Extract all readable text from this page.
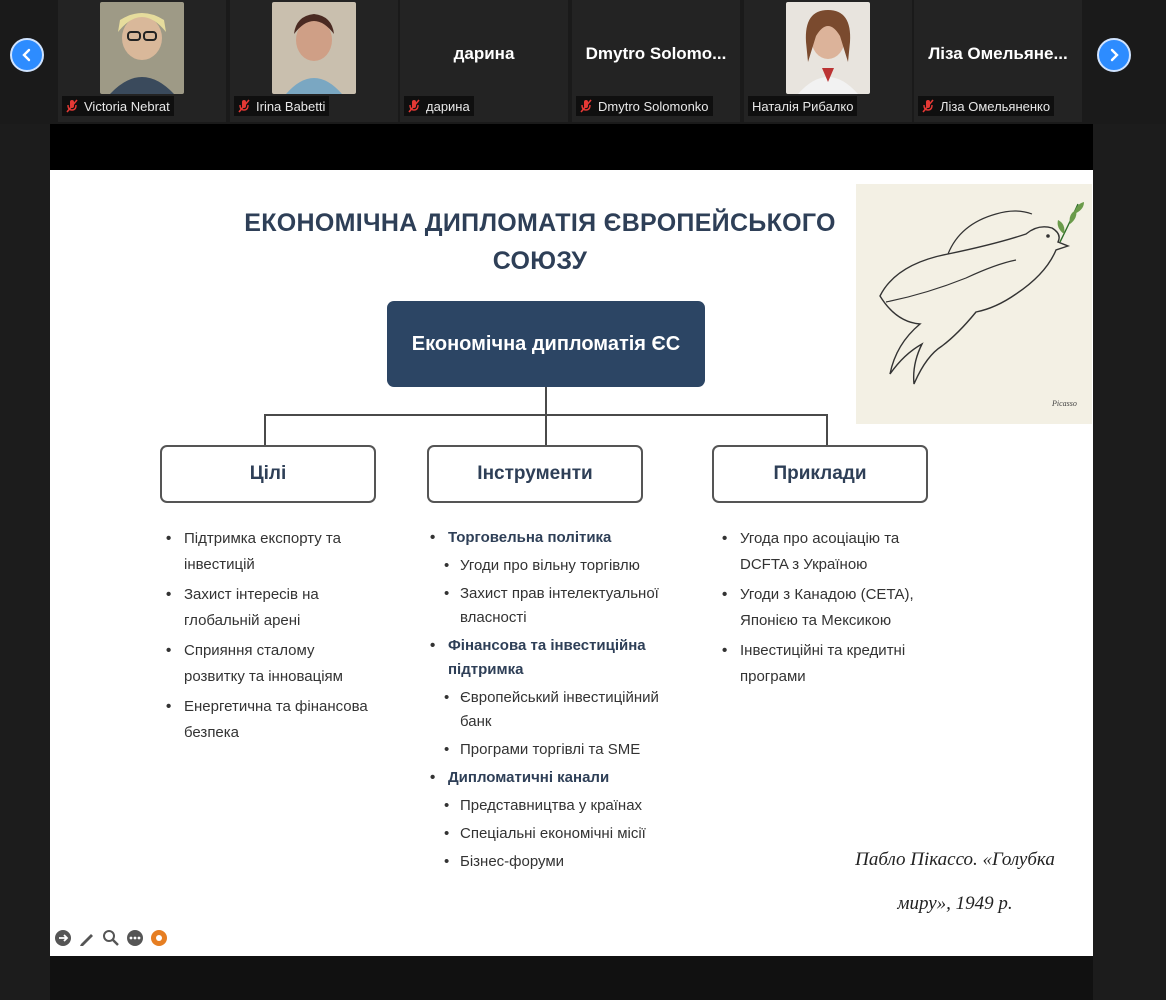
Victoria Nebrat	Irina Babetti
дарина
дарина
Dmytro Solomo...
Dmytro Solomonko	Наталія Рибалко
Ліза Омельяне...
Ліза Омельяненко
ЕКОНОМІЧНА ДИПЛОМАТІЯ ЄВРОПЕЙСЬКОГО
СОЮЗУ
Економічна дипломатія ЄС
Цілі	Інструменти	Приклади
• Підтримка експорту та інвестицій
• Захист інтересів на глобальній арені
• Сприяння сталому розвитку та інноваціям
• Енергетична та фінансова безпека
• Торговельна політика
• Угоди про вільну торгівлю
• Захист прав інтелектуальної власності
• Фінансова та інвестиційна підтримка
• Європейський інвестиційний банк
• Програми торгівлі та SME
• Дипломатичні канали
• Представництва у країнах
• Спеціальні економічні місії
• Бізнес-форуми
• Угода про асоціацію та DCFTA з Україною
• Угоди з Канадою (CETA), Японією та Мексикою
• Інвестиційні та кредитні програми
Picasso
Пабло Пікассо. «Голубка
миру», 1949 р.
